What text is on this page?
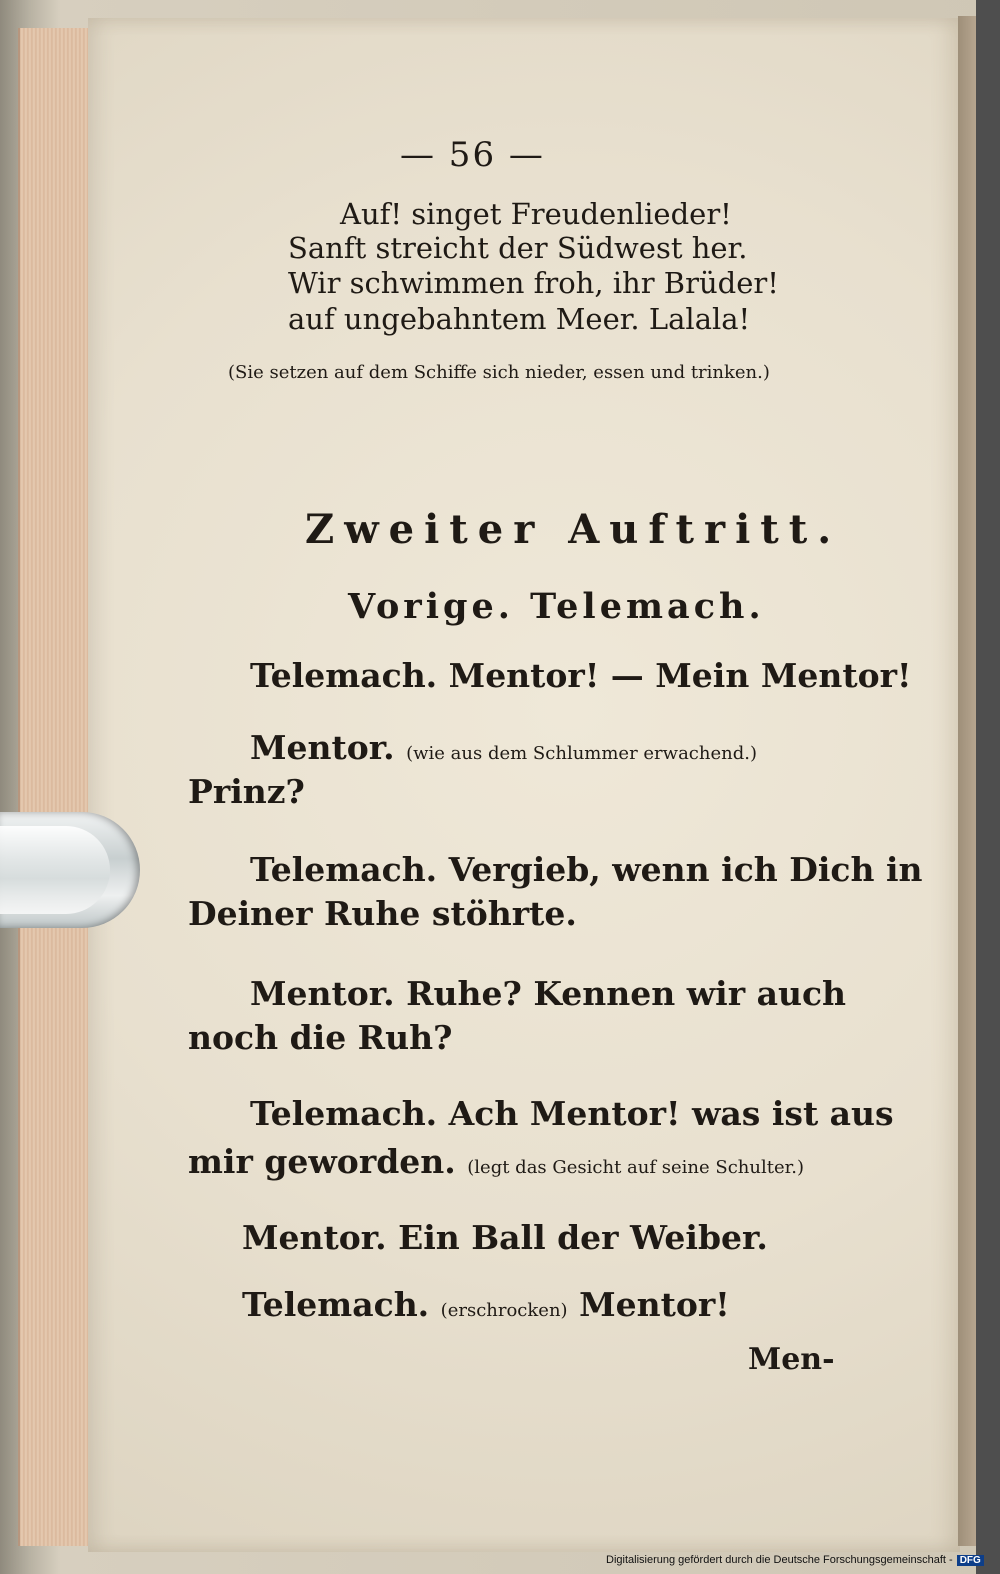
— 56 —
Auf! singet Freudenlieder!
Sanft streicht der Südwest her.
Wir schwimmen froh, ihr Brüder!
auf ungebahntem Meer. Lalala!
(Sie setzen auf dem Schiffe sich nieder, essen und trinken.)
Zweiter Auftritt.
Vorige. Telemach.
Telemach. Mentor! — Mein Mentor!
Mentor. (wie aus dem Schlummer erwachend.)
Prinz?
Telemach. Vergieb, wenn ich Dich in
Deiner Ruhe stöhrte.
Mentor. Ruhe? Kennen wir auch
noch die Ruh?
Telemach. Ach Mentor! was ist aus
mir geworden. (legt das Gesicht auf seine Schulter.)
Mentor. Ein Ball der Weiber.
Telemach. (erschrocken) Mentor!
Men-
Digitalisierung gefördert durch die Deutsche Forschungsgemeinschaft - DFG
